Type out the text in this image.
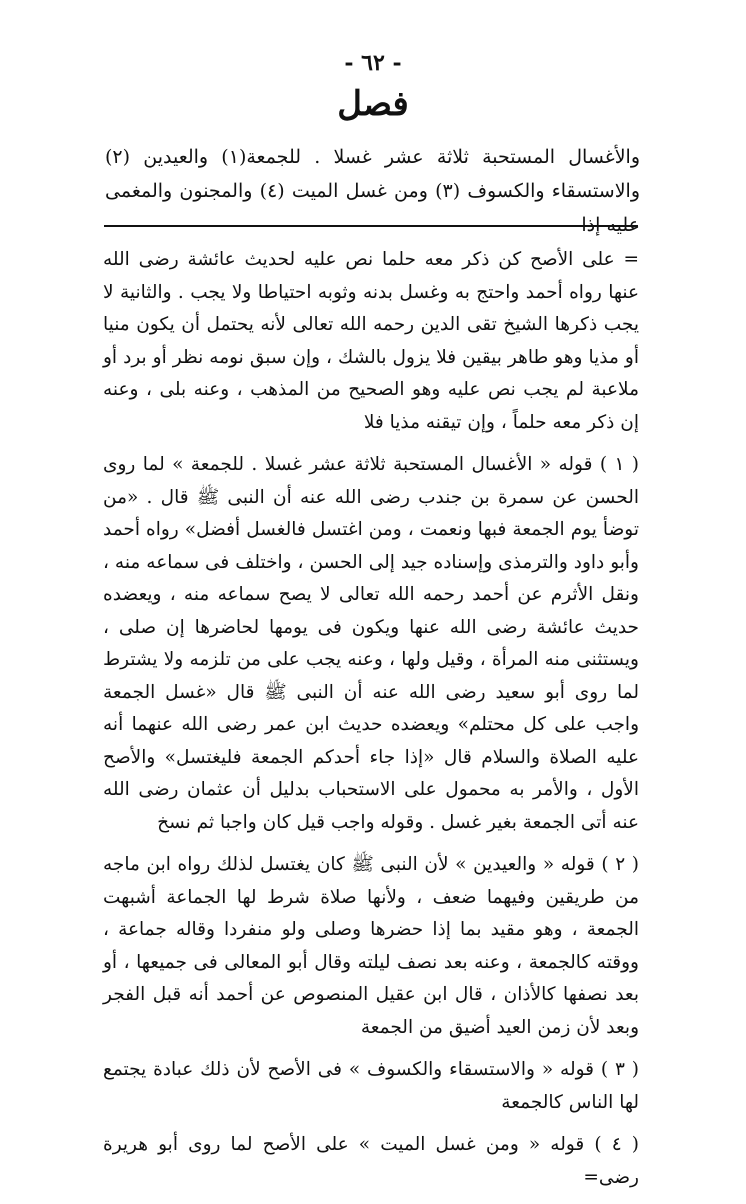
- ٦٢ -
فصل

والأغسال المستحبة ثلاثة عشر غسلا . للجمعة(١) والعيدين (٢) والاستسقاء والكسوف (٣) ومن غسل الميت (٤) والمجنون والمغمى عليه إذا

= على الأصح كن ذكر معه حلما نص عليه لحديث عائشة رضى الله عنها رواه أحمد واحتج به وغسل بدنه وثوبه احتياطا ولا يجب . والثانية لا يجب ذكرها الشيخ تقى الدين رحمه الله تعالى لأنه يحتمل أن يكون منيا أو مذيا وهو طاهر بيقين فلا يزول بالشك ، وإن سبق نومه نظر أو برد أو ملاعبة لم يجب نص عليه وهو الصحيح من المذهب ، وعنه بلى ، وعنه إن ذكر معه حلماً ، وإن تيقنه مذيا فلا

( ١ ) قوله « الأغسال المستحبة ثلاثة عشر غسلا . للجمعة » لما روى الحسن عن سمرة بن جندب رضى الله عنه أن النبى ﷺ قال . «من توضأ يوم الجمعة فبها ونعمت ، ومن اغتسل فالغسل أفضل» رواه أحمد وأبو داود والترمذى وإسناده جيد إلى الحسن ، واختلف فى سماعه منه ، ونقل الأثرم عن أحمد رحمه الله تعالى لا يصح سماعه منه ، ويعضده حديث عائشة رضى الله عنها ويكون فى يومها لحاضرها إن صلى ، ويستثنى منه المرأة ، وقيل ولها ، وعنه يجب على من تلزمه ولا يشترط لما روى أبو سعيد رضى الله عنه أن النبى ﷺ قال «غسل الجمعة واجب على كل محتلم» ويعضده حديث ابن عمر رضى الله عنهما أنه عليه الصلاة والسلام قال «إذا جاء أحدكم الجمعة فليغتسل» والأصح الأول ، والأمر به محمول على الاستحباب بدليل أن عثمان رضى الله عنه أتى الجمعة بغير غسل . وقوله واجب قيل كان واجبا ثم نسخ

( ٢ ) قوله « والعيدين » لأن النبى ﷺ كان يغتسل لذلك رواه ابن ماجه من طريقين وفيهما ضعف ، ولأنها صلاة شرط لها الجماعة أشبهت الجمعة ، وهو مقيد بما إذا حضرها وصلى ولو منفردا وقاله جماعة ، ووقته كالجمعة ، وعنه بعد نصف ليلته وقال أبو المعالى فى جميعها ، أو بعد نصفها كالأذان ، قال ابن عقيل المنصوص عن أحمد أنه قبل الفجر وبعد لأن زمن العيد أضيق من الجمعة

( ٣ ) قوله « والاستسقاء والكسوف » فى الأصح لأن ذلك عبادة يجتمع لها الناس كالجمعة

( ٤ ) قوله « ومن غسل الميت » على الأصح لما روى أبو هريرة رضى=
